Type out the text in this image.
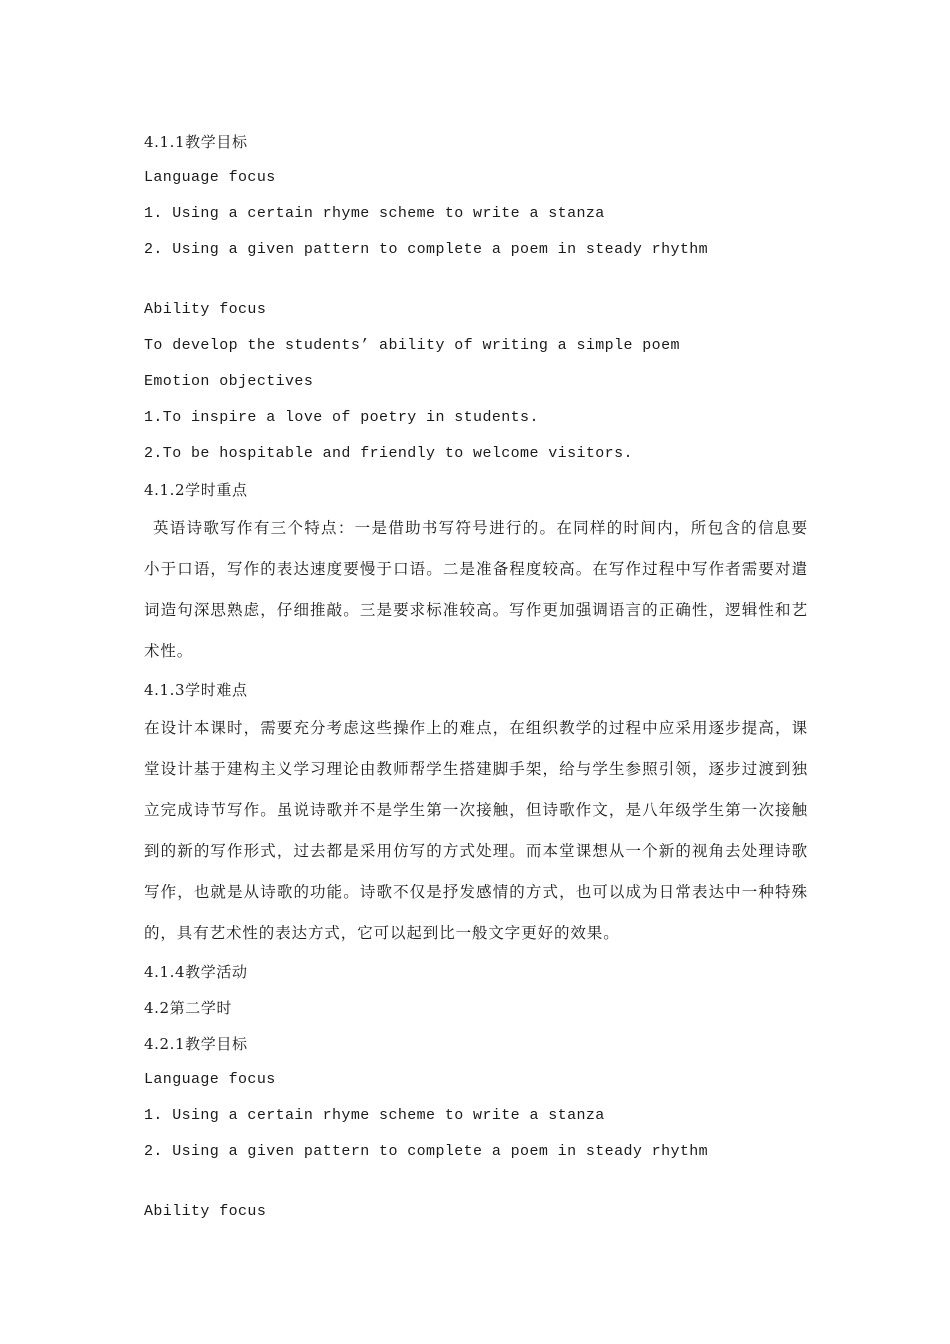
4.1.1教学目标
Language focus
1. Using a certain rhyme scheme to write a stanza
2. Using a given pattern to complete a poem in steady rhythm
Ability focus
To develop the students’ ability of writing a simple poem
Emotion objectives
1.To inspire a love of poetry in students.
2.To be hospitable and friendly to welcome visitors.
4.1.2学时重点

英语诗歌写作有三个特点：一是借助书写符号进行的。在同样的时间内，所包含的信息要小于口语，写作的表达速度要慢于口语。二是准备程度较高。在写作过程中写作者需要对遣词造句深思熟虑，仔细推敲。三是要求标准较高。写作更加强调语言的正确性，逻辑性和艺术性。

4.1.3学时难点

在设计本课时，需要充分考虑这些操作上的难点，在组织教学的过程中应采用逐步提高，课堂设计基于建构主义学习理论由教师帮学生搭建脚手架，给与学生参照引领，逐步过渡到独立完成诗节写作。虽说诗歌并不是学生第一次接触，但诗歌作文，是八年级学生第一次接触到的新的写作形式，过去都是采用仿写的方式处理。而本堂课想从一个新的视角去处理诗歌写作，也就是从诗歌的功能。诗歌不仅是抒发感情的方式，也可以成为日常表达中一种特殊的，具有艺术性的表达方式，它可以起到比一般文字更好的效果。

4.1.4教学活动
4.2第二学时
4.2.1教学目标
Language focus
1. Using a certain rhyme scheme to write a stanza
2. Using a given pattern to complete a poem in steady rhythm
Ability focus
